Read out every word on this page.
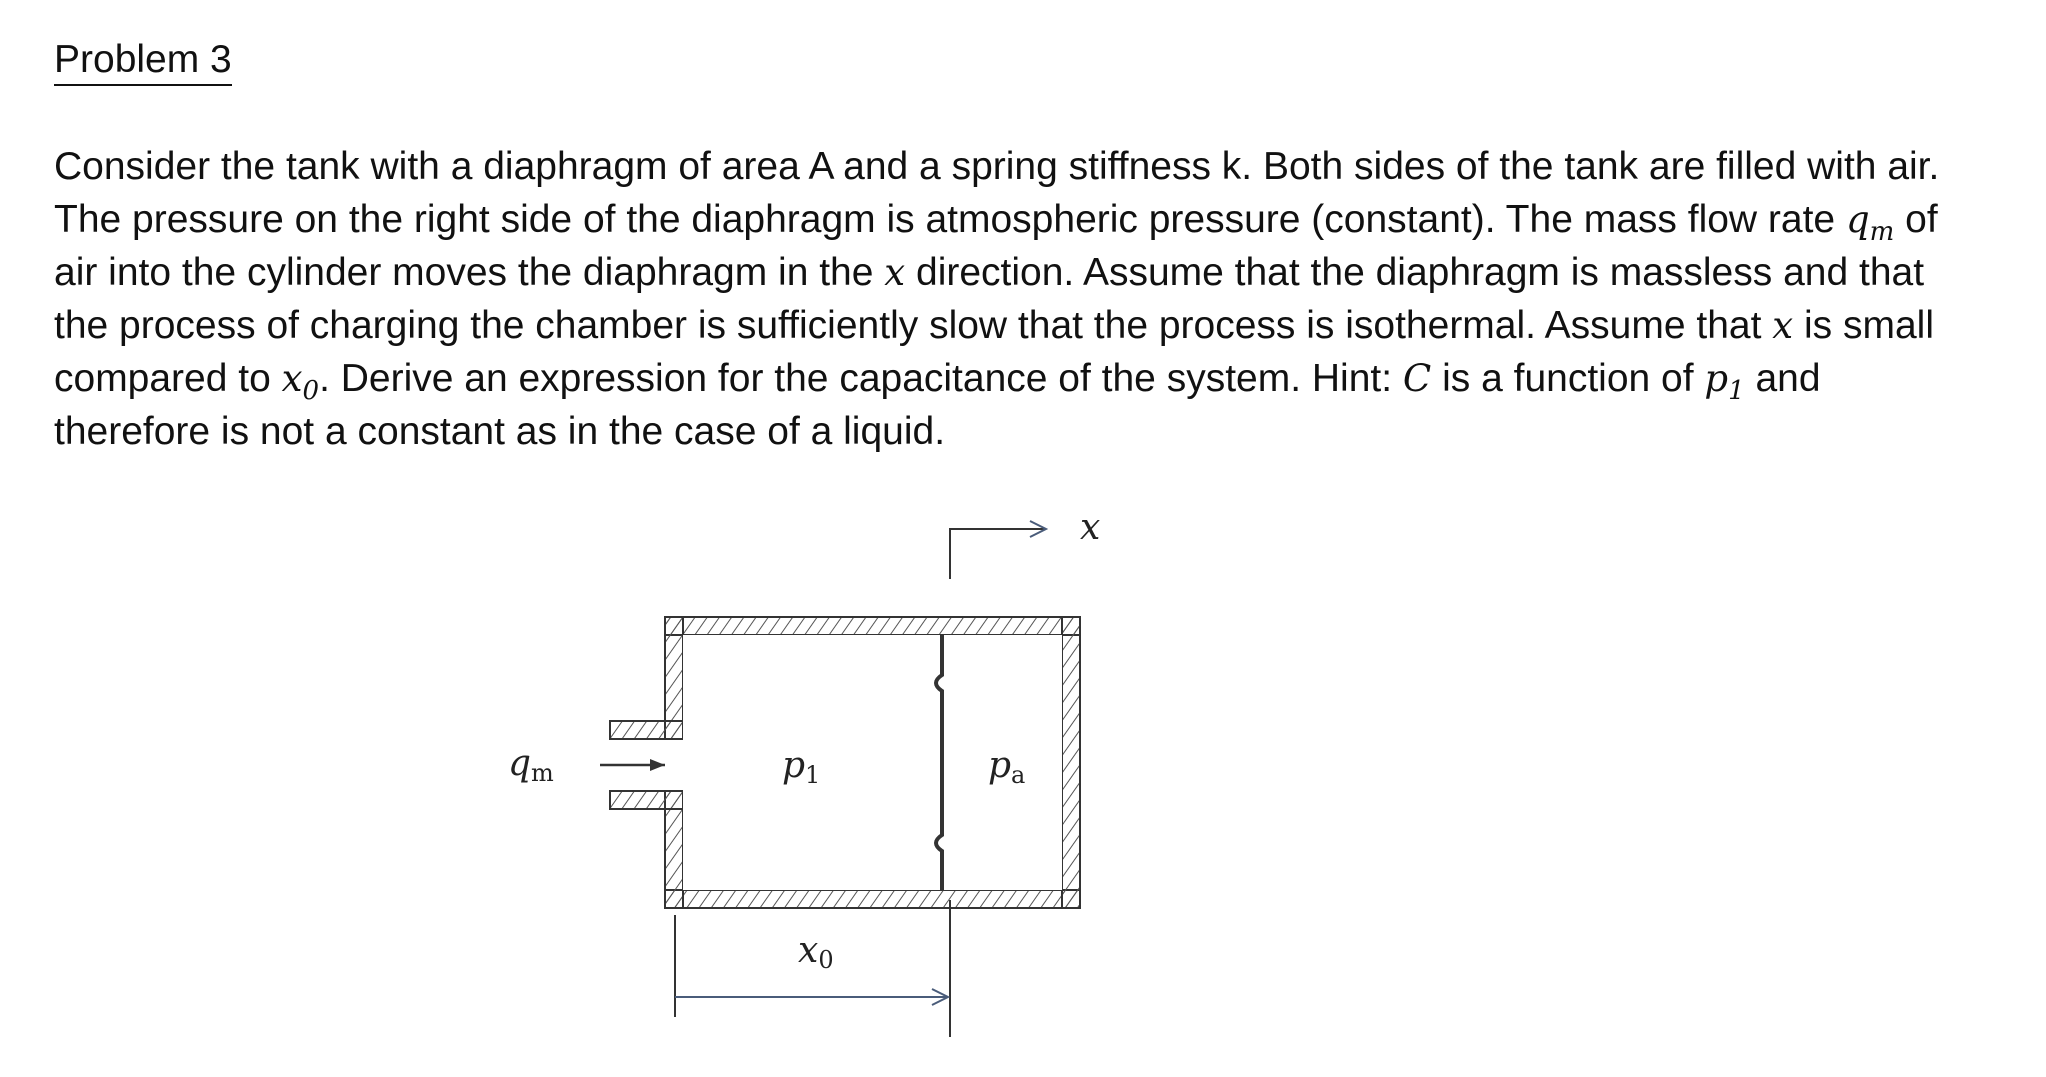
Problem 3
Consider the tank with a diaphragm of area A and a spring stiffness k. Both sides of the tank are filled with air.
The pressure on the right side of the diaphragm is atmospheric pressure (constant). The mass flow rate $q_m$ of
air into the cylinder moves the diaphragm in the x direction. Assume that the diaphragm is massless and that
the process of charging the chamber is sufficiently slow that the process is isothermal. Assume that x is small
compared to $x_0$. Derive an expression for the capacitance of the system. Hint: C is a function of $p_1$ and
therefore is not a constant as in the case of a liquid.
$q_m$	$p_1$	$p_a$
x
$x_0$
